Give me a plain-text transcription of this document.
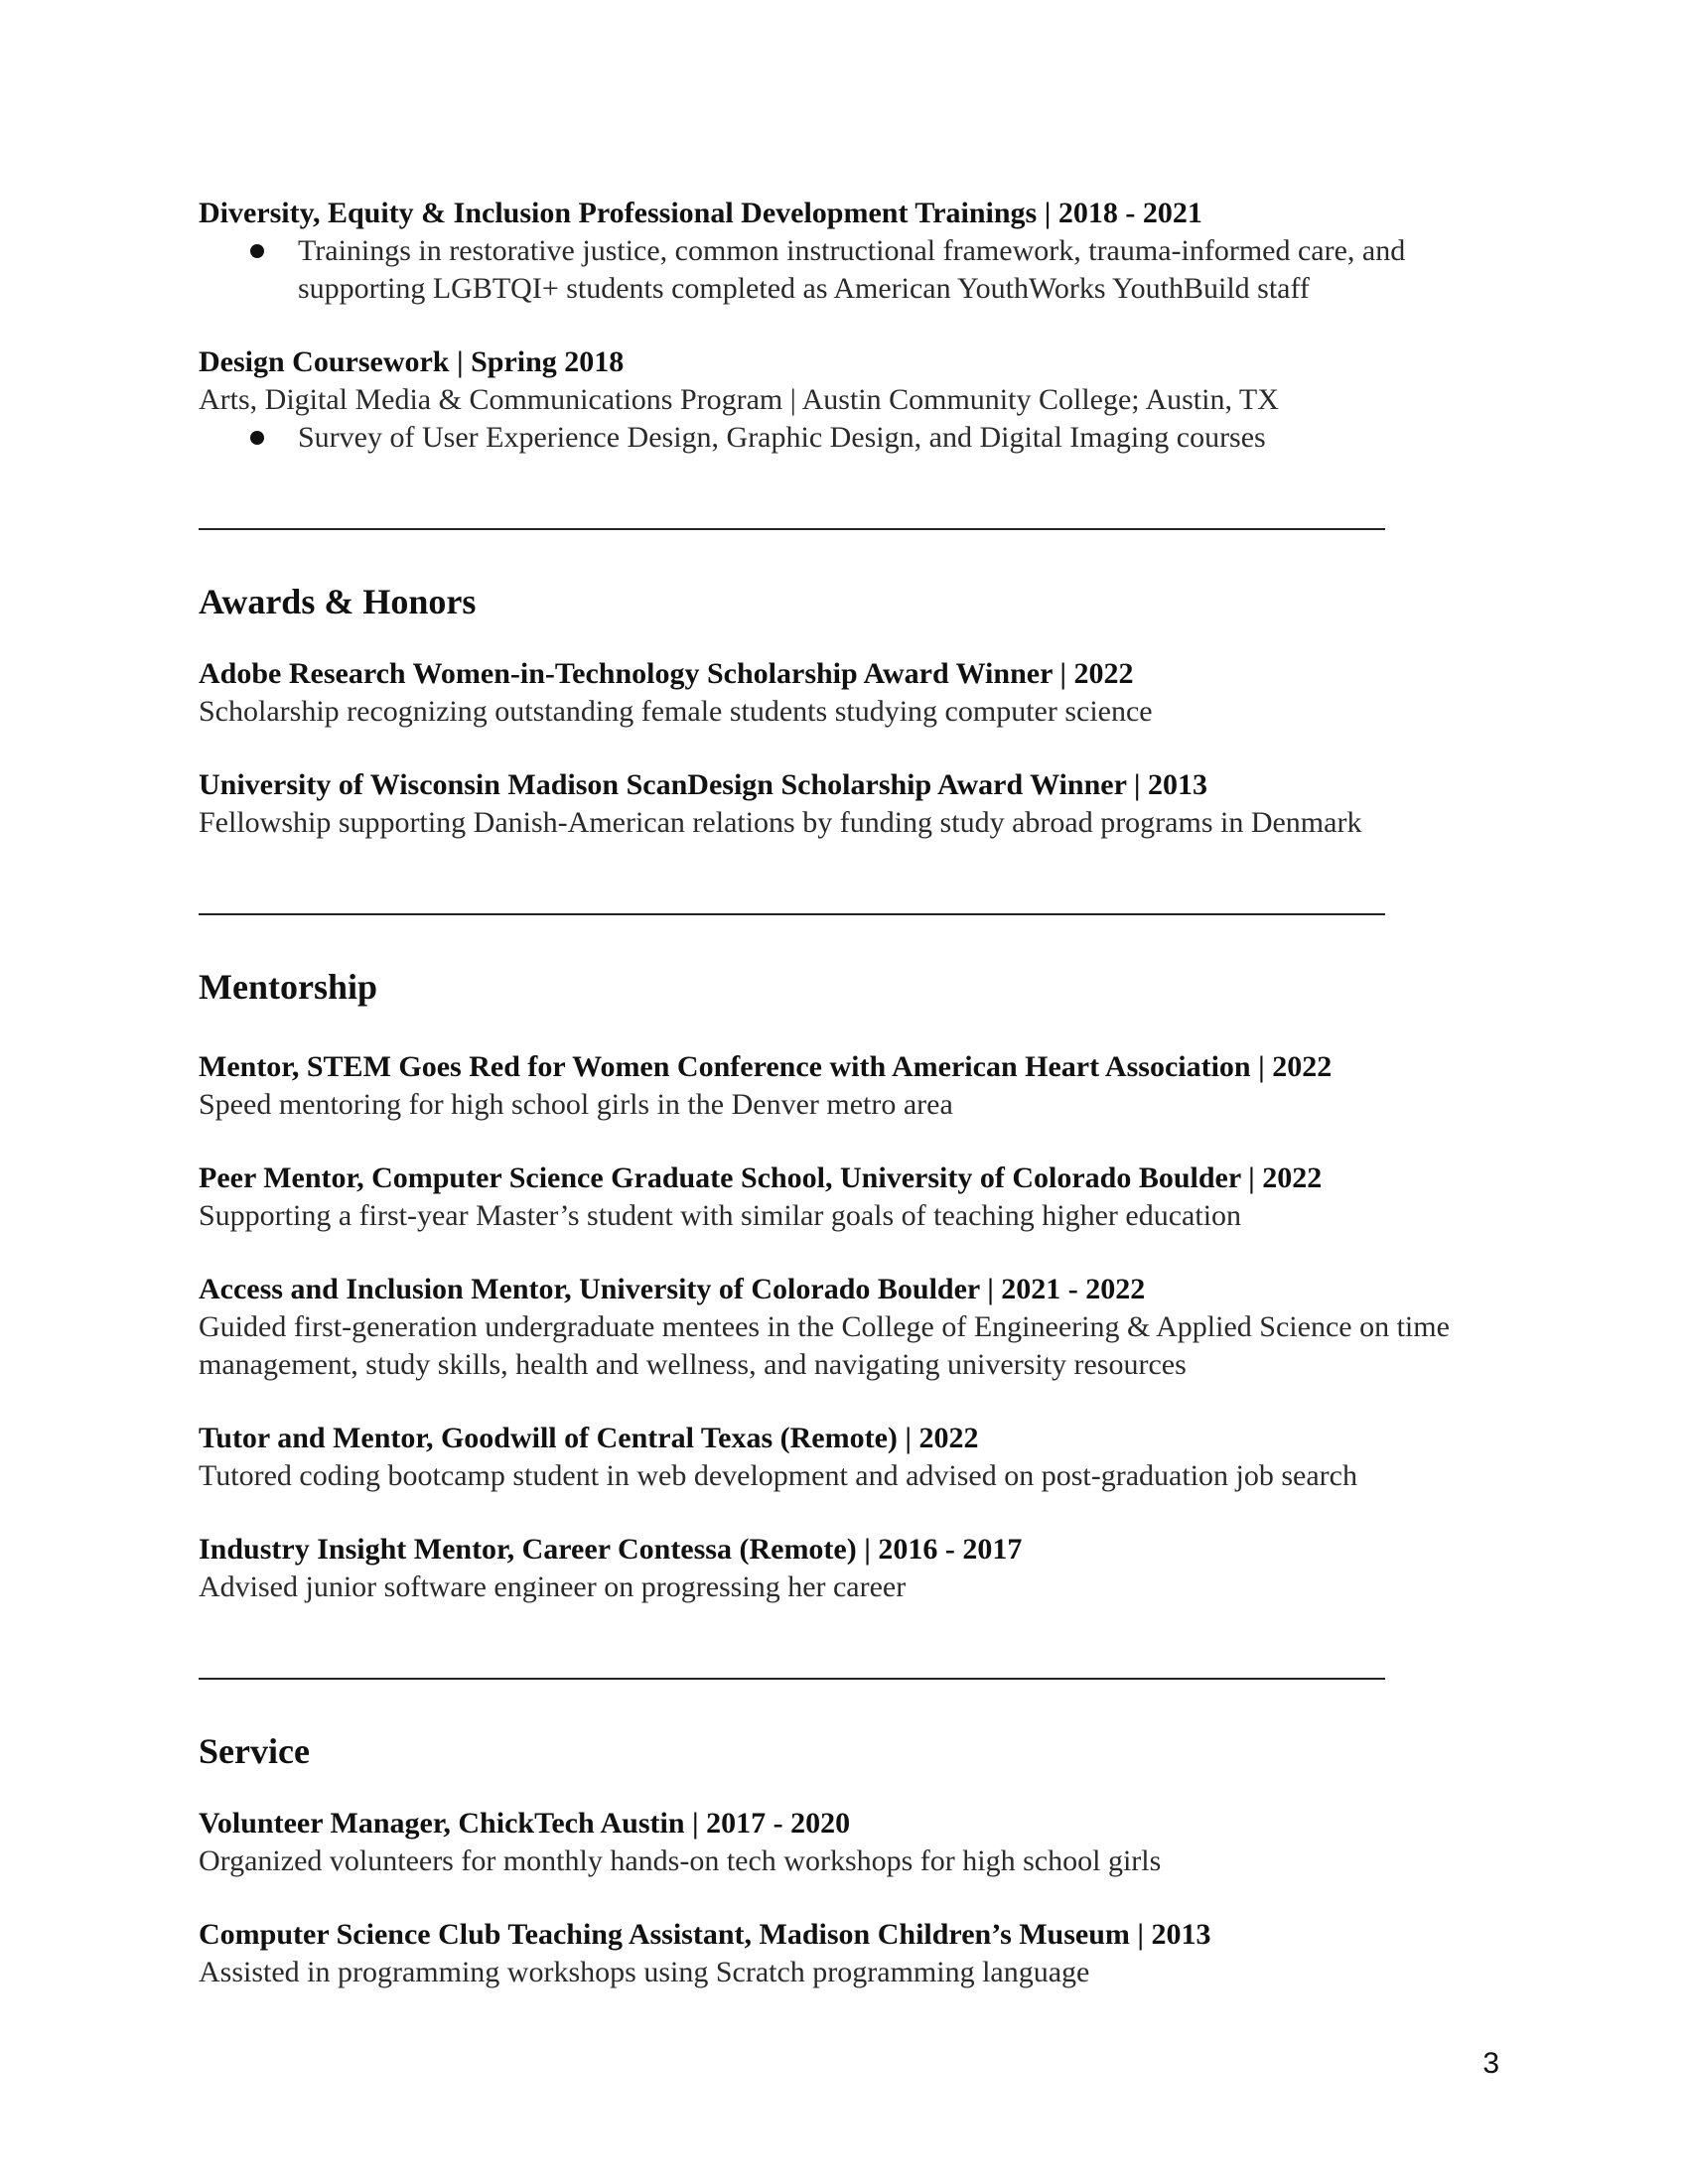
Diversity, Equity & Inclusion Professional Development Trainings | 2018 - 2021
Trainings in restorative justice, common instructional framework, trauma-informed care, and supporting LGBTQI+ students completed as American YouthWorks YouthBuild staff
Design Coursework | Spring 2018
Arts, Digital Media & Communications Program | Austin Community College; Austin, TX
Survey of User Experience Design, Graphic Design, and Digital Imaging courses
Awards & Honors
Adobe Research Women-in-Technology Scholarship Award Winner | 2022
Scholarship recognizing outstanding female students studying computer science
University of Wisconsin Madison ScanDesign Scholarship Award Winner | 2013
Fellowship supporting Danish-American relations by funding study abroad programs in Denmark
Mentorship
Mentor, STEM Goes Red for Women Conference with American Heart Association | 2022
Speed mentoring for high school girls in the Denver metro area
Peer Mentor, Computer Science Graduate School, University of Colorado Boulder | 2022
Supporting a first-year Master’s student with similar goals of teaching higher education
Access and Inclusion Mentor, University of Colorado Boulder | 2021 - 2022
Guided first-generation undergraduate mentees in the College of Engineering & Applied Science on time management, study skills, health and wellness, and navigating university resources
Tutor and Mentor, Goodwill of Central Texas (Remote) | 2022
Tutored coding bootcamp student in web development and advised on post-graduation job search
Industry Insight Mentor, Career Contessa (Remote) | 2016 - 2017
Advised junior software engineer on progressing her career
Service
Volunteer Manager, ChickTech Austin | 2017 - 2020
Organized volunteers for monthly hands-on tech workshops for high school girls
Computer Science Club Teaching Assistant, Madison Children’s Museum | 2013
Assisted in programming workshops using Scratch programming language
3
